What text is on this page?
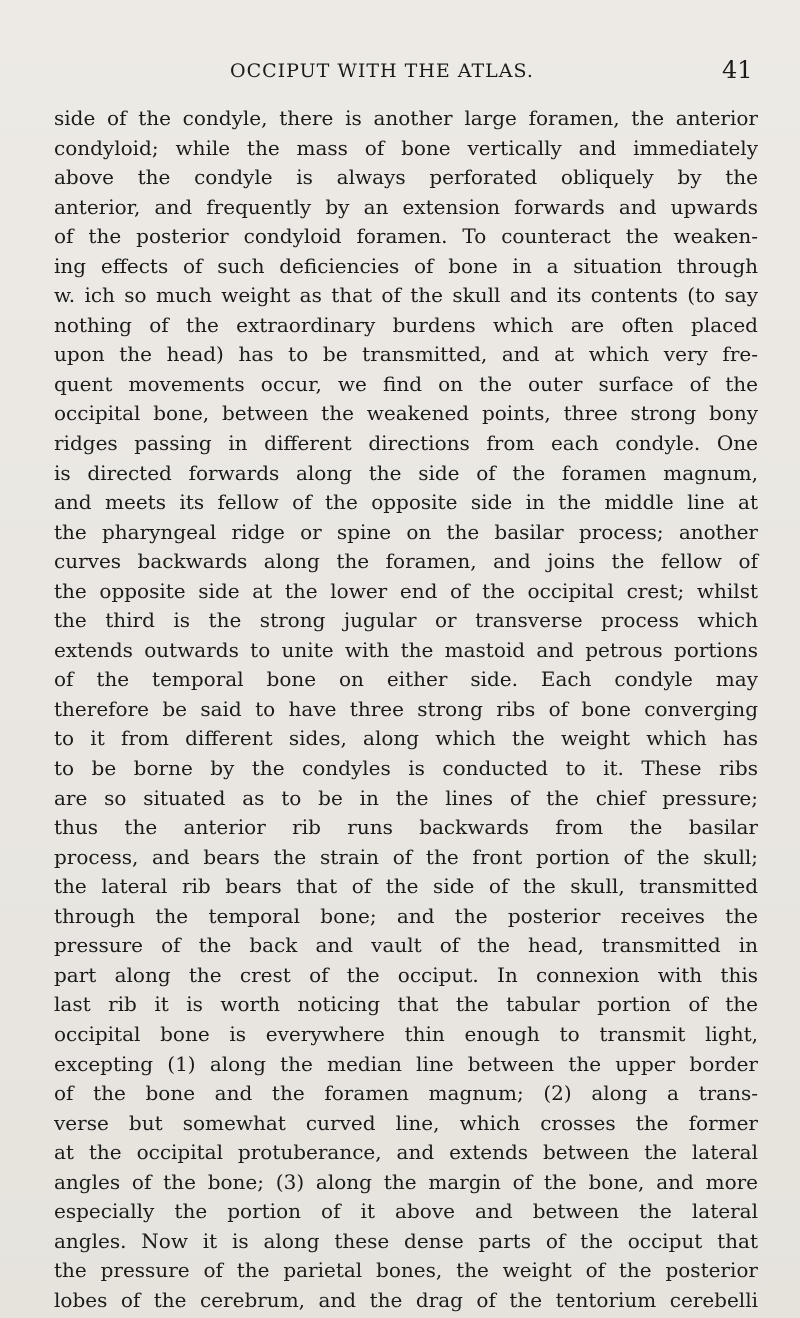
OCCIPUT WITH THE ATLAS.	41
side of the condyle, there is another large foramen, the anterior
condyloid; while the mass of bone vertically and immediately
above the condyle is always perforated obliquely by the
anterior, and frequently by an extension forwards and upwards
of the posterior condyloid foramen. To counteract the weaken-
ing effects of such deficiencies of bone in a situation through
w. ich so much weight as that of the skull and its contents (to say
nothing of the extraordinary burdens which are often placed
upon the head) has to be transmitted, and at which very fre-
quent movements occur, we find on the outer surface of the
occipital bone, between the weakened points, three strong bony
ridges passing in different directions from each condyle. One
is directed forwards along the side of the foramen magnum,
and meets its fellow of the opposite side in the middle line at
the pharyngeal ridge or spine on the basilar process; another
curves backwards along the foramen, and joins the fellow of
the opposite side at the lower end of the occipital crest; whilst
the third is the strong jugular or transverse process which
extends outwards to unite with the mastoid and petrous portions
of the temporal bone on either side. Each condyle may
therefore be said to have three strong ribs of bone converging
to it from different sides, along which the weight which has
to be borne by the condyles is conducted to it. These ribs
are so situated as to be in the lines of the chief pressure;
thus the anterior rib runs backwards from the basilar
process, and bears the strain of the front portion of the skull;
the lateral rib bears that of the side of the skull, transmitted
through the temporal bone; and the posterior receives the
pressure of the back and vault of the head, transmitted in
part along the crest of the occiput. In connexion with this
last rib it is worth noticing that the tabular portion of the
occipital bone is everywhere thin enough to transmit light,
excepting (1) along the median line between the upper border
of the bone and the foramen magnum; (2) along a trans-
verse but somewhat curved line, which crosses the former
at the occipital protuberance, and extends between the lateral
angles of the bone; (3) along the margin of the bone, and more
especially the portion of it above and between the lateral
angles. Now it is along these dense parts of the occiput that
the pressure of the parietal bones, the weight of the posterior
lobes of the cerebrum, and the drag of the tentorium cerebelli
